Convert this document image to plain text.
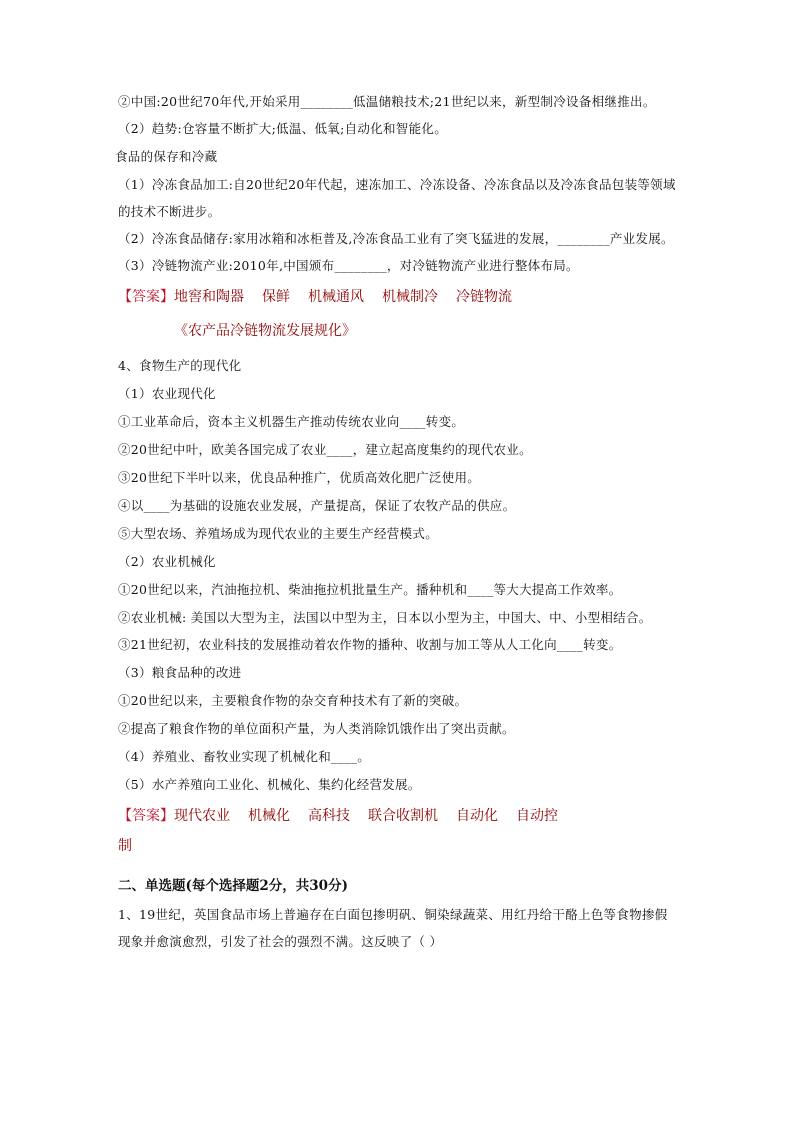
②中国:20世纪70年代,开始采用________低温储粮技术;21世纪以来，新型制冷设备相继推出。

（2）趋势:仓容量不断扩大;低温、低氧;自动化和智能化。

食品的保存和冷藏

（1）冷冻食品加工:自20世纪20年代起，速冻加工、冷冻设备、冷冻食品以及冷冻食品包装等领域的技术不断进步。

（2）冷冻食品储存:家用冰箱和冰柜普及,冷冻食品工业有了突飞猛进的发展，________产业发展。

（3）冷链物流产业:2010年,中国颁布________，对冷链物流产业进行整体布局。

【答案】地窖和陶器 保鲜 机械通风 机械制冷 冷链物流

《农产品冷链物流发展规化》

4、食物生产的现代化

（1）农业现代化

①工业革命后，资本主义机器生产推动传统农业向____转变。

②20世纪中叶，欧美各国完成了农业____，建立起高度集约的现代农业。

③20世纪下半叶以来，优良品种推广，优质高效化肥广泛使用。

④以____为基础的设施农业发展，产量提高，保证了农牧产品的供应。

⑤大型农场、养殖场成为现代农业的主要生产经营模式。

（2）农业机械化

①20世纪以来，汽油拖拉机、柴油拖拉机批量生产。播种机和____等大大提高工作效率。

②农业机械: 美国以大型为主，法国以中型为主，日本以小型为主，中国大、中、小型相结合。

③21世纪初，农业科技的发展推动着农作物的播种、收割与加工等从人工化向____转变。

（3）粮食品种的改进

①20世纪以来，主要粮食作物的杂交育种技术有了新的突破。

②提高了粮食作物的单位面积产量，为人类消除饥饿作出了突出贡献。

（4）养殖业、畜牧业实现了机械化和____。

（5）水产养殖向工业化、机械化、集约化经营发展。

【答案】现代农业 机械化 高科技 联合收割机 自动化 自动控

制

二、单选题(每个选择题2分，共30分)

1、19世纪，英国食品市场上普遍存在白面包掺明矾、铜染绿蔬菜、用红丹给干酪上色等食物掺假现象并愈演愈烈，引发了社会的强烈不满。这反映了（ ）
